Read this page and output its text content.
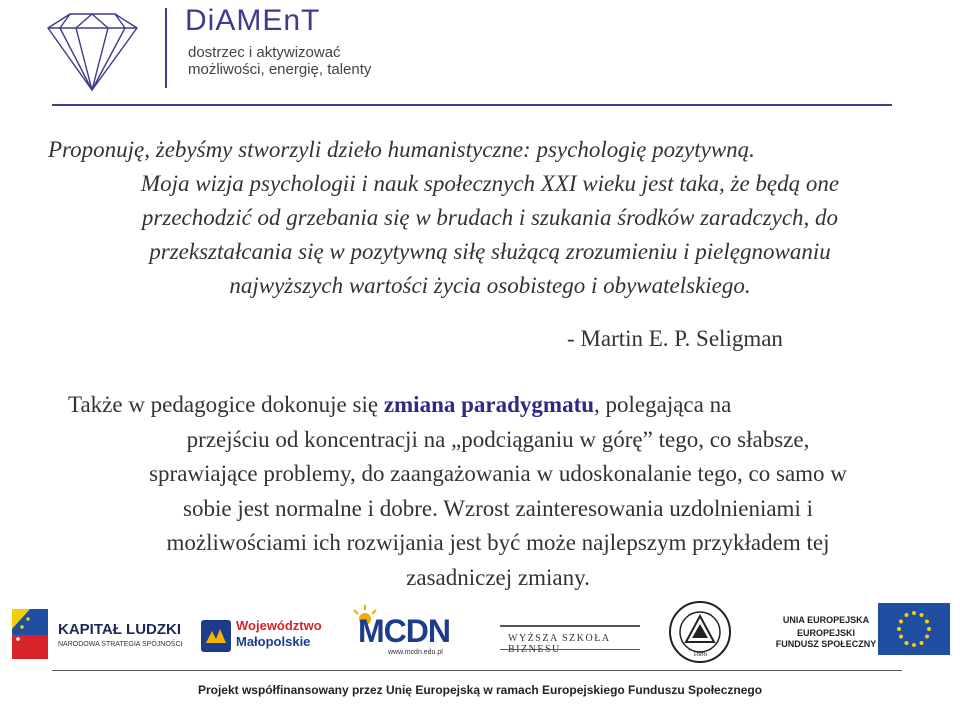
DiAMEnT
dostrzec i aktywizować
możliwości, energię, talenty
Proponuję, żebyśmy stworzyli dzieło humanistyczne: psychologię pozytywną.
Moja wizja psychologii i nauk społecznych XXI wieku jest taka, że będą one
przechodzić od grzebania się w brudach i szukania środków zaradczych, do
przekształcania się w pozytywną siłę służącą zrozumieniu i pielęgnowaniu
najwyższych wartości życia osobistego i obywatelskiego.
- Martin E. P. Seligman
Także w pedagogice dokonuje się zmiana paradygmatu, polegająca na
przejściu od koncentracji na „podciąganiu w górę” tego, co słabsze,
sprawiające problemy, do zaangażowania w udoskonalanie tego, co samo w
sobie jest normalne i dobre. Wzrost zainteresowania uzdolnieniami i
możliwościami ich rozwijania jest być może najlepszym przykładem tej
zasadniczej zmiany.
KAPITAŁ LUDZKI
NARODOWA STRATEGIA SPÓJNOŚCI
Województwo
Małopolskie MCDN
www.mcdn.edu.pl
WYŻSZA SZKOŁA
1886
UNIA EUROPEJSKA
EUROPEJSKI
FUNDUSZ SPOŁECZNY
Projekt współfinansowany przez Unię Europejską w ramach Europejskiego Funduszu Społecznego
